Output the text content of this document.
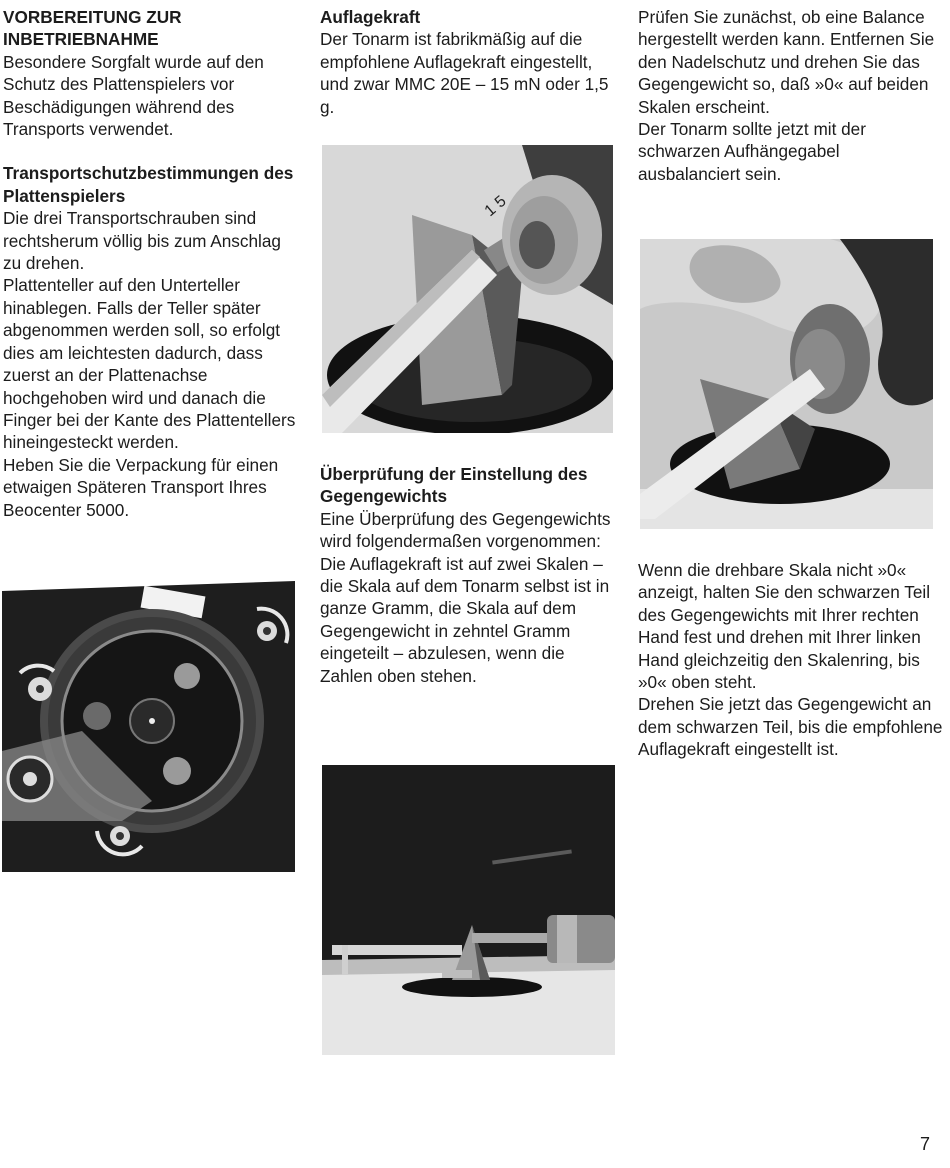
VORBEREITUNG ZUR INBETRIEBNAHME
Besondere Sorgfalt wurde auf den Schutz des Plattenspielers vor Beschädigungen während des Transports verwendet.
Transportschutzbestimmungen des Plattenspielers
Die drei Transportschrauben sind rechtsherum völlig bis zum Anschlag zu drehen.
Plattenteller auf den Unterteller hinablegen. Falls der Teller später abgenommen werden soll, so erfolgt dies am leichtesten dadurch, dass zuerst an der Plattenachse hochgehoben wird und danach die Finger bei der Kante des Plattentellers hineingesteckt werden.
Heben Sie die Verpackung für einen etwaigen Späteren Transport Ihres Beocenter 5000.
Auflagekraft
Der Tonarm ist fabrikmäßig auf die empfohlene Auflagekraft eingestellt, und zwar MMC 20E – 15 mN oder 1,5 g.
Überprüfung der Einstellung des Gegengewichts
Eine Überprüfung des Gegengewichts wird folgendermaßen vorgenommen:
Die Auflagekraft ist auf zwei Skalen – die Skala auf dem Tonarm selbst ist in ganze Gramm, die Skala auf dem Gegengewicht in zehntel Gramm eingeteilt – abzulesen, wenn die Zahlen oben stehen.
Prüfen Sie zunächst, ob eine Balance hergestellt werden kann. Entfernen Sie den Nadelschutz und drehen Sie das Gegengewicht so, daß »0« auf beiden Skalen erscheint.
Der Tonarm sollte jetzt mit der schwarzen Aufhängegabel ausbalanciert sein.
Wenn die drehbare Skala nicht »0« anzeigt, halten Sie den schwarzen Teil des Gegengewichts mit Ihrer rechten Hand fest und drehen mit Ihrer linken Hand gleichzeitig den Skalenring, bis »0« oben steht.
Drehen Sie jetzt das Gegengewicht an dem schwarzen Teil, bis die empfohlene Auflagekraft eingestellt ist.
1 5
7
